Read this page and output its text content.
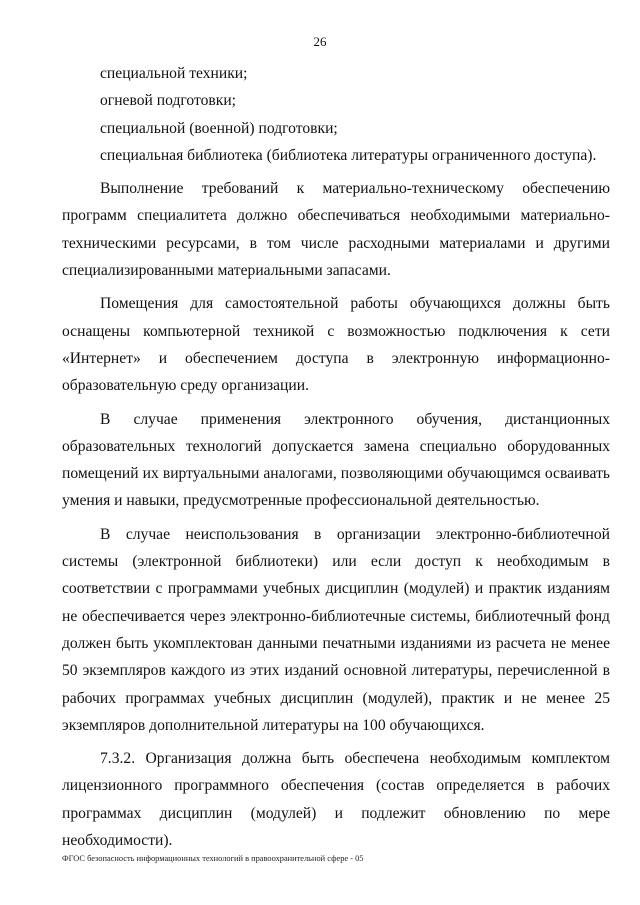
26

специальной техники;

огневой подготовки;

специальной (военной) подготовки;

специальная библиотека (библиотека литературы ограниченного доступа).

Выполнение требований к материально-техническому обеспечению программ специалитета должно обеспечиваться необходимыми материально-техническими ресурсами, в том числе расходными материалами и другими специализированными материальными запасами.

Помещения для самостоятельной работы обучающихся должны быть оснащены компьютерной техникой с возможностью подключения к сети «Интернет» и обеспечением доступа в электронную информационно-образовательную среду организации.

В случае применения электронного обучения, дистанционных образовательных технологий допускается замена специально оборудованных помещений их виртуальными аналогами, позволяющими обучающимся осваивать умения и навыки, предусмотренные профессиональной деятельностью.

В случае неиспользования в организации электронно-библиотечной системы (электронной библиотеки) или если доступ к необходимым в соответствии с программами учебных дисциплин (модулей) и практик изданиям не обеспечивается через электронно-библиотечные системы, библиотечный фонд должен быть укомплектован данными печатными изданиями из расчета не менее 50 экземпляров каждого из этих изданий основной литературы, перечисленной в рабочих программах учебных дисциплин (модулей), практик и не менее 25 экземпляров дополнительной литературы на 100 обучающихся.

7.3.2. Организация должна быть обеспечена необходимым комплектом лицензионного программного обеспечения (состав определяется в рабочих программах дисциплин (модулей) и подлежит обновлению по мере необходимости).

ФГОС безопасность информационных технологий в правоохранительной сфере - 05
